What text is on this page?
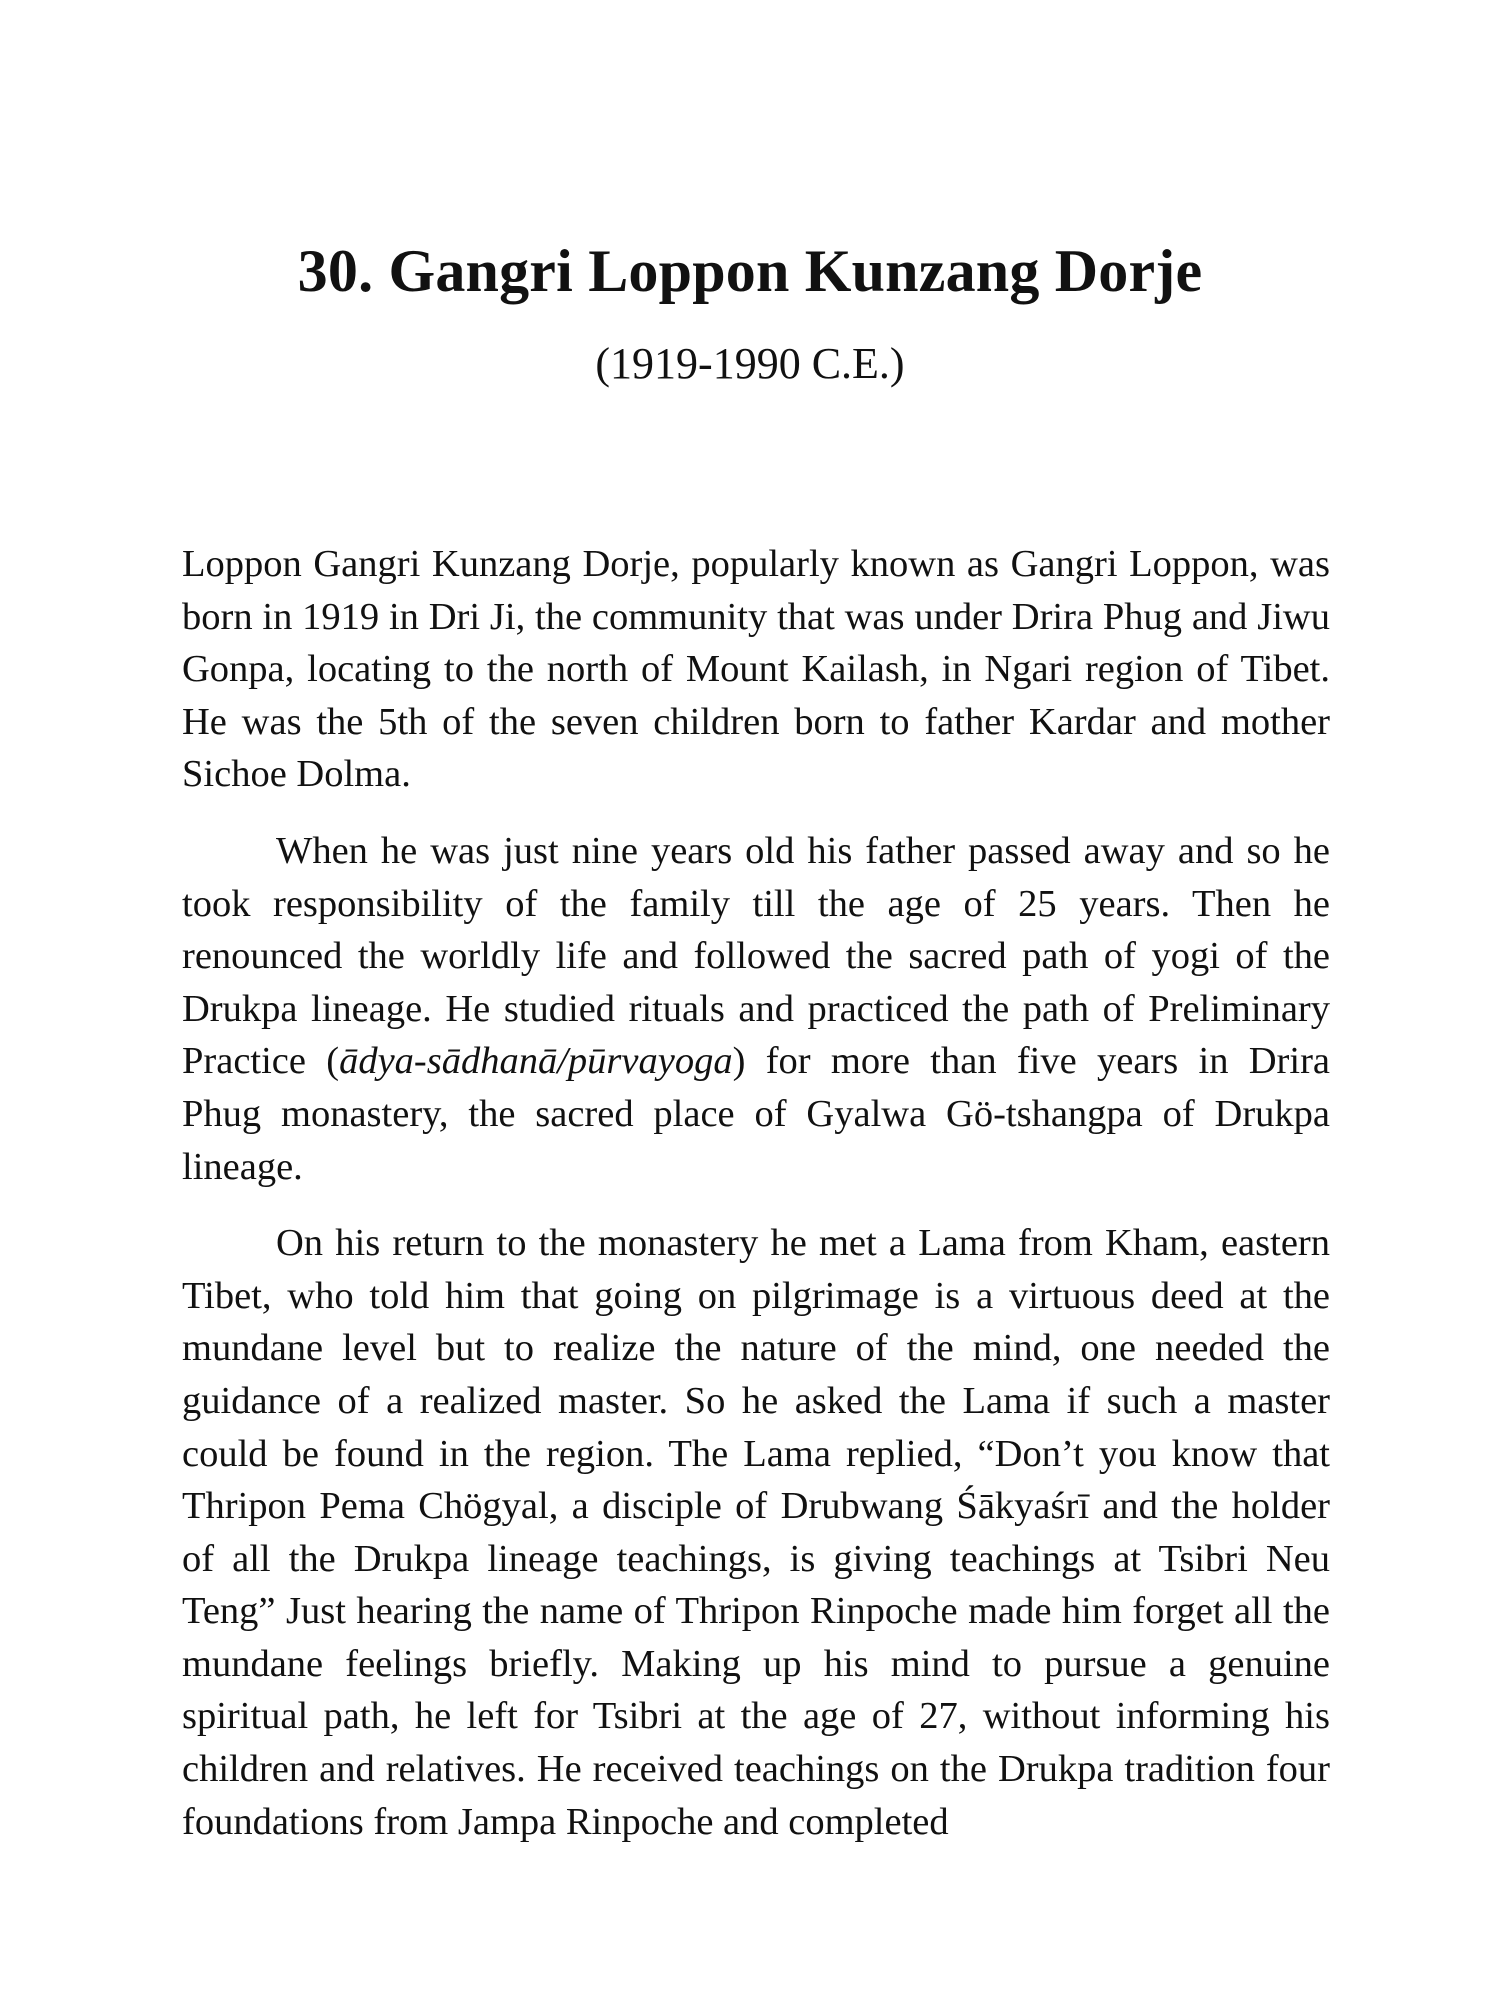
30. Gangri Loppon Kunzang Dorje
(1919-1990 C.E.)

Loppon Gangri Kunzang Dorje, popularly known as Gangri Loppon, was born in 1919 in Dri Ji, the community that was under Drira Phug and Jiwu Gonpa, locating to the north of Mount Kailash, in Ngari region of Tibet. He was the 5th of the seven children born to father Kardar and mother Sichoe Dolma.

When he was just nine years old his father passed away and so he took responsibility of the family till the age of 25 years. Then he renounced the worldly life and followed the sacred path of yogi of the Drukpa lineage. He studied rituals and practiced the path of Preliminary Practice (ādya-sādhanā/pūrvayoga) for more than five years in Drira Phug monastery, the sacred place of Gyalwa Gö-tshangpa of Drukpa lineage.

On his return to the monastery he met a Lama from Kham, eastern Tibet, who told him that going on pilgrimage is a virtuous deed at the mundane level but to realize the nature of the mind, one needed the guidance of a realized master. So he asked the Lama if such a master could be found in the region. The Lama replied, “Don’t you know that Thripon Pema Chögyal, a disciple of Drubwang Śākyaśrī and the holder of all the Drukpa lineage teachings, is giving teachings at Tsibri Neu Teng” Just hearing the name of Thripon Rinpoche made him forget all the mundane feelings briefly. Making up his mind to pursue a genuine spiritual path, he left for Tsibri at the age of 27, without informing his children and relatives. He received teachings on the Drukpa tradition four foundations from Jampa Rinpoche and completed
